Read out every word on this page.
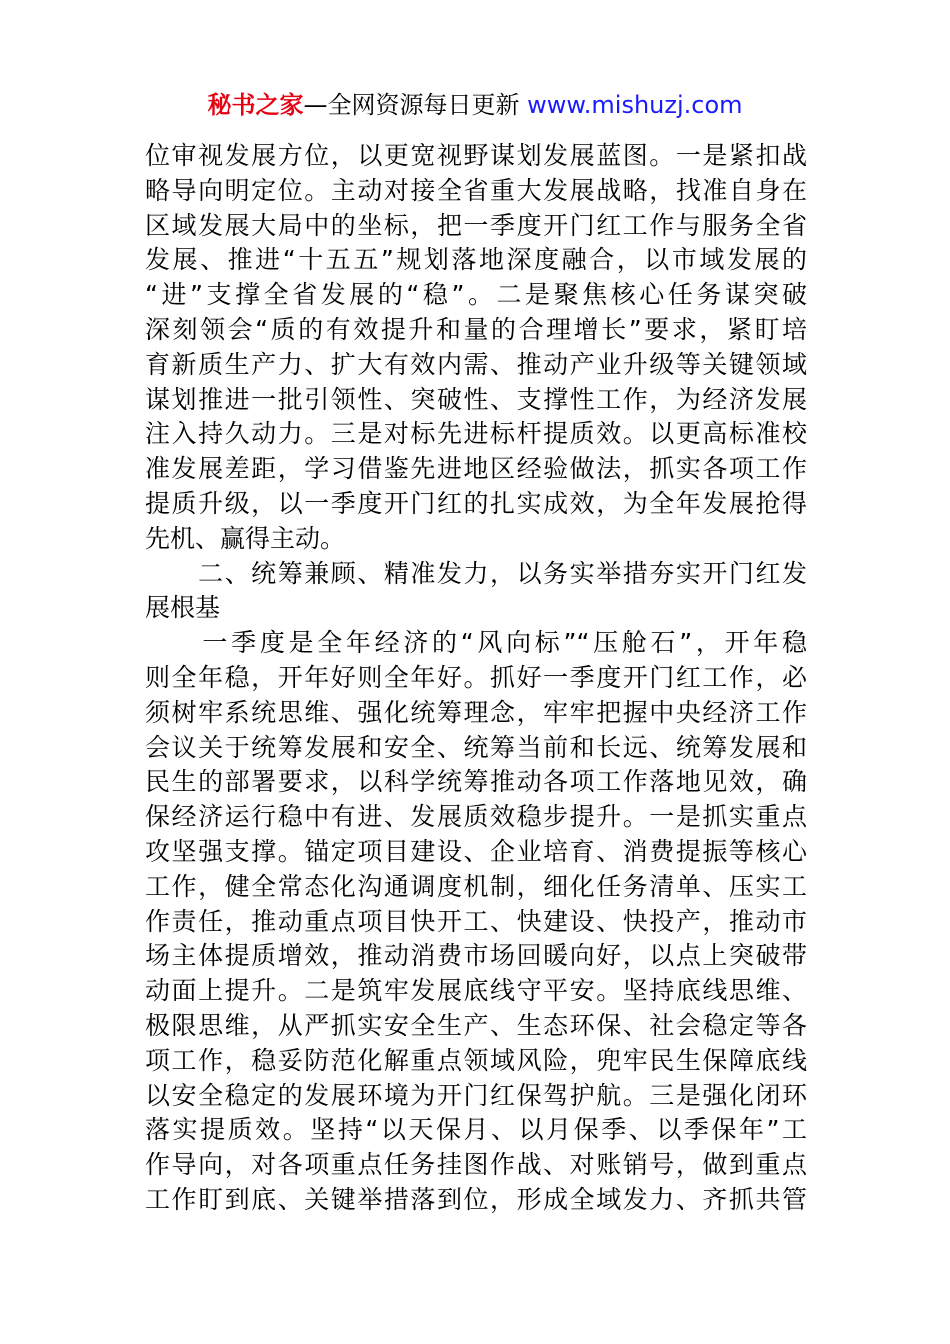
秘书之家—全网资源每日更新 www.mishuzj.com
位审视发展方位，以更宽视野谋划发展蓝图。一是紧扣战
略导向明定位。主动对接全省重大发展战略，找准自身在
区域发展大局中的坐标，把一季度开门红工作与服务全省
发展、推进“十五五”规划落地深度融合，以市域发展的
“进”支撑全省发展的“稳”。二是聚焦核心任务谋突破
深刻领会“质的有效提升和量的合理增长”要求，紧盯培
育新质生产力、扩大有效内需、推动产业升级等关键领域
谋划推进一批引领性、突破性、支撑性工作，为经济发展
注入持久动力。三是对标先进标杆提质效。以更高标准校
准发展差距，学习借鉴先进地区经验做法，抓实各项工作
提质升级，以一季度开门红的扎实成效，为全年发展抢得
先机、赢得主动。
　　二、统筹兼顾、精准发力，以务实举措夯实开门红发
展根基
　　一季度是全年经济的“风向标”“压舱石”，开年稳
则全年稳，开年好则全年好。抓好一季度开门红工作，必
须树牢系统思维、强化统筹理念，牢牢把握中央经济工作
会议关于统筹发展和安全、统筹当前和长远、统筹发展和
民生的部署要求，以科学统筹推动各项工作落地见效，确
保经济运行稳中有进、发展质效稳步提升。一是抓实重点
攻坚强支撑。锚定项目建设、企业培育、消费提振等核心
工作，健全常态化沟通调度机制，细化任务清单、压实工
作责任，推动重点项目快开工、快建设、快投产，推动市
场主体提质增效，推动消费市场回暖向好，以点上突破带
动面上提升。二是筑牢发展底线守平安。坚持底线思维、
极限思维，从严抓实安全生产、生态环保、社会稳定等各
项工作，稳妥防范化解重点领域风险，兜牢民生保障底线
以安全稳定的发展环境为开门红保驾护航。三是强化闭环
落实提质效。坚持“以天保月、以月保季、以季保年”工
作导向，对各项重点任务挂图作战、对账销号，做到重点
工作盯到底、关键举措落到位，形成全域发力、齐抓共管
